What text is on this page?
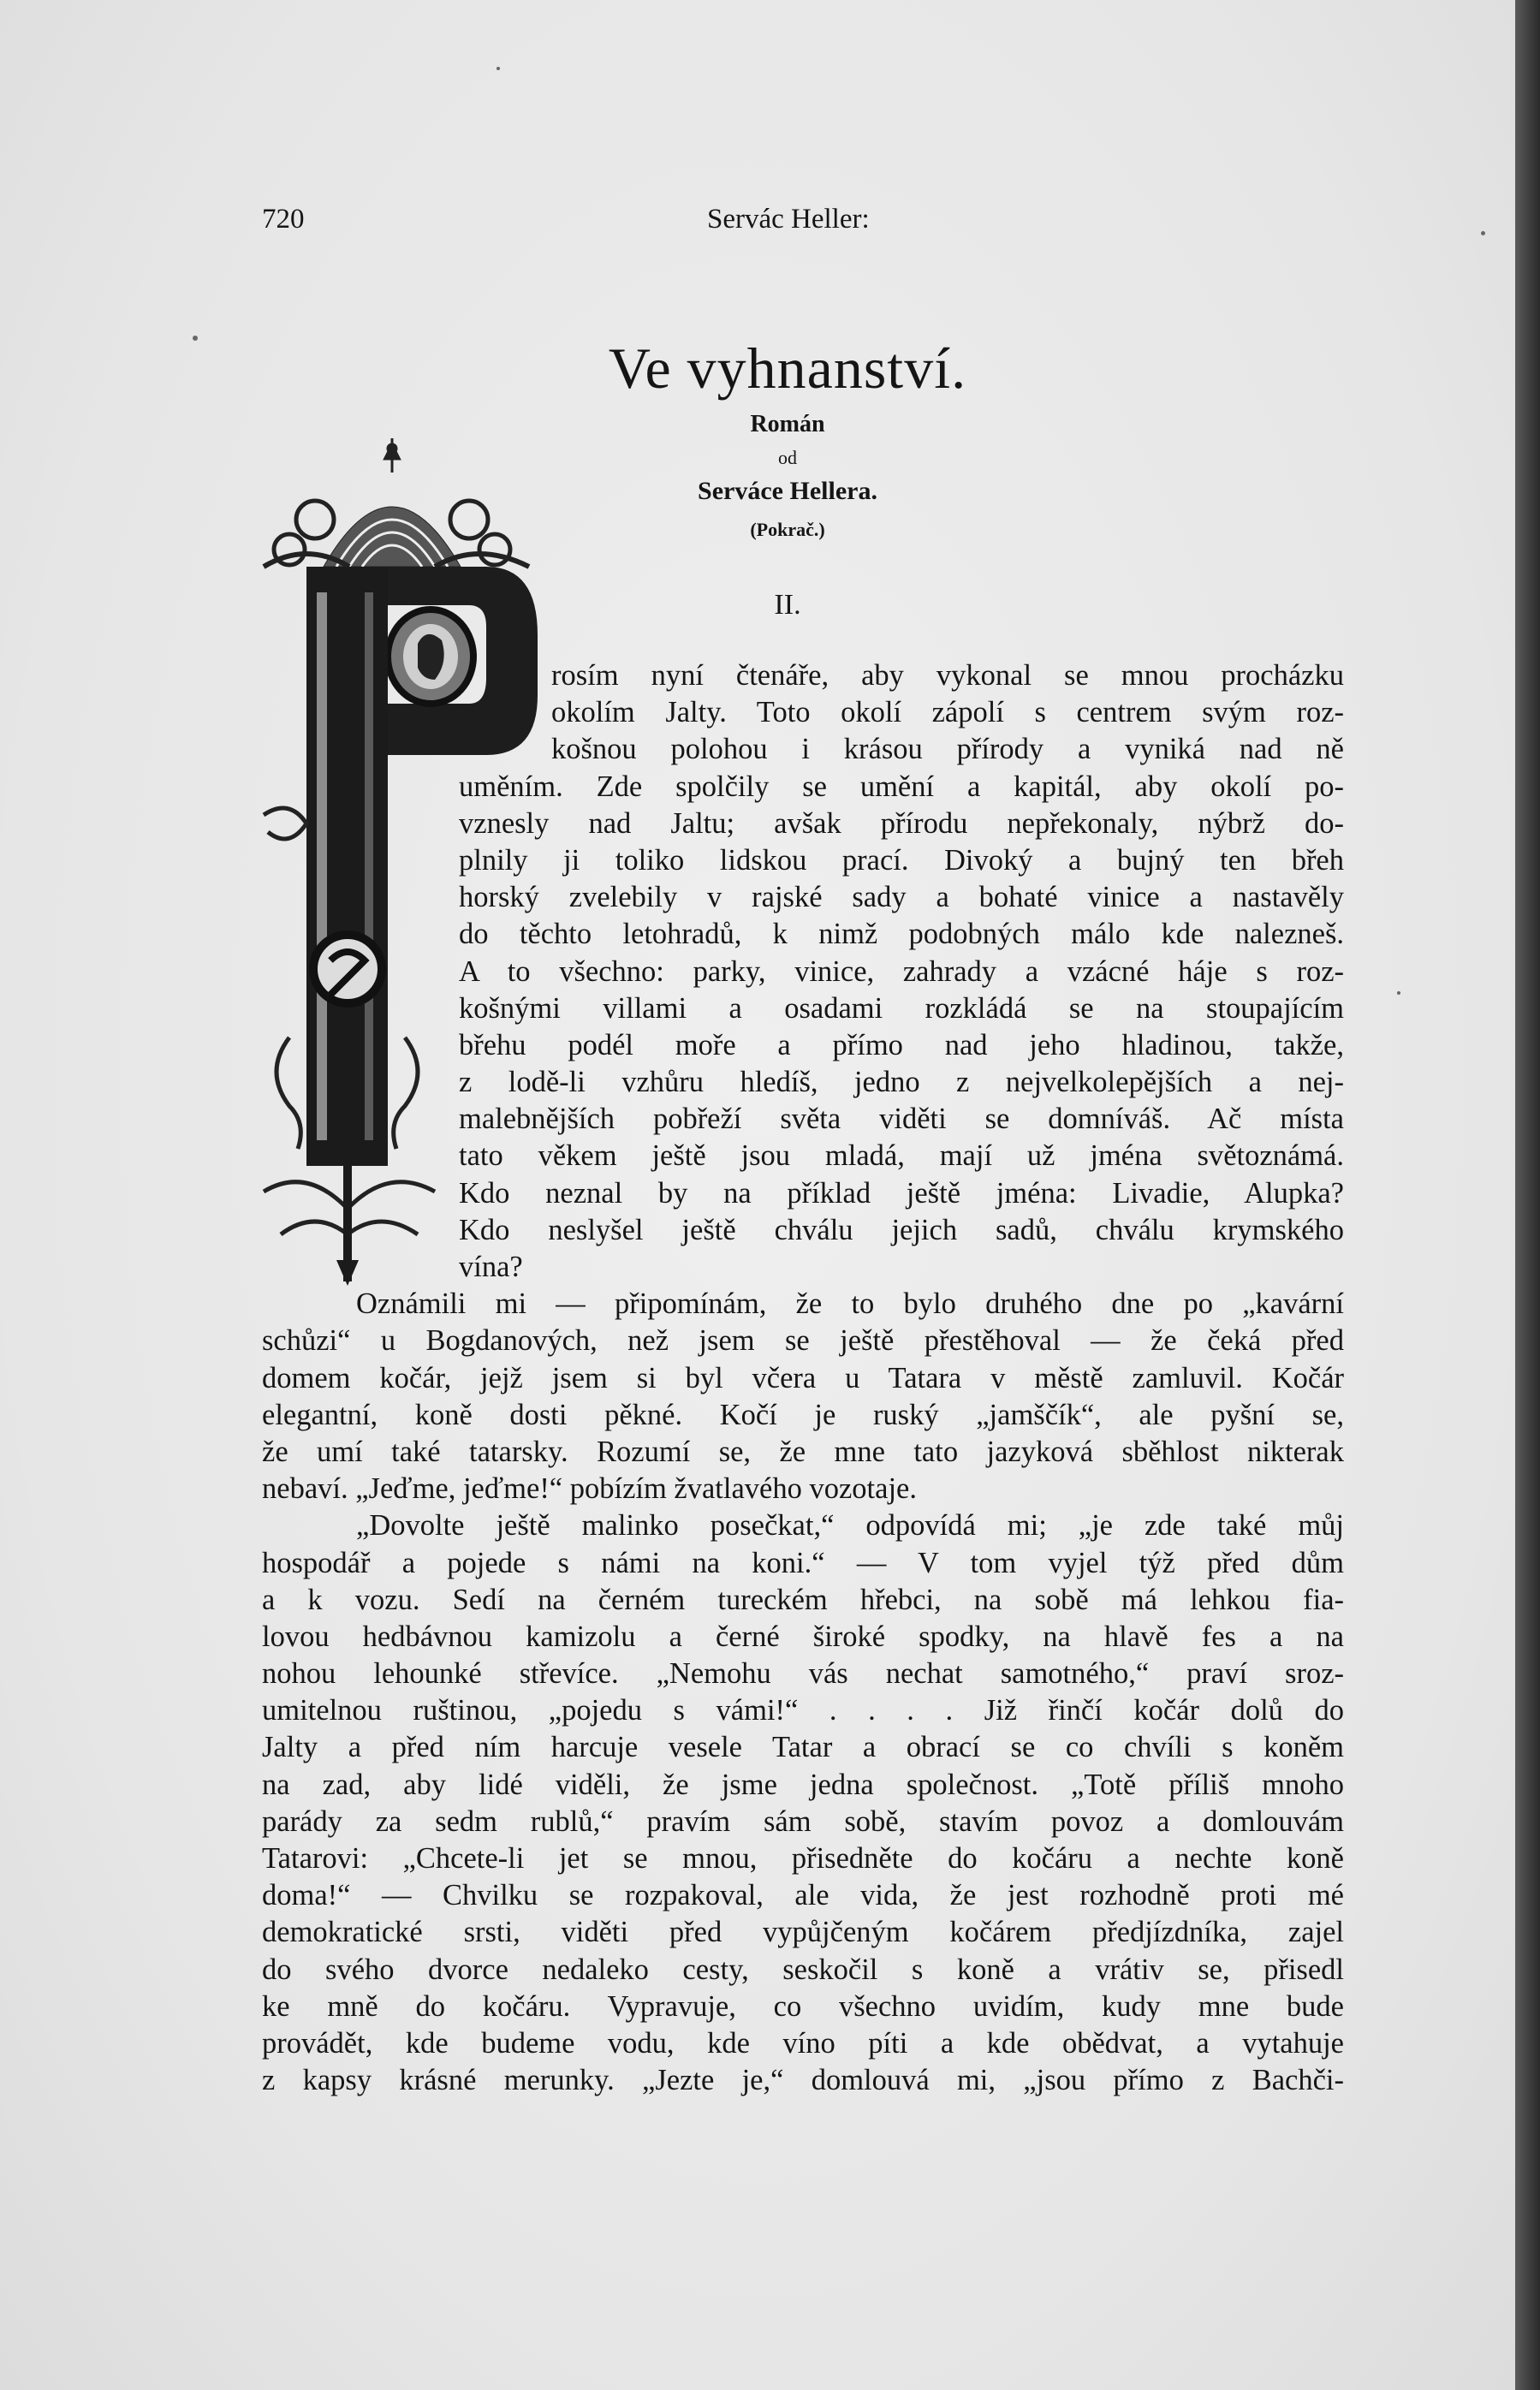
720	Servác Heller:
Ve vyhnanství.
Román
od
Serváce Hellera.
(Pokrač.)
II.
rosím nyní čtenáře, aby vykonal se mnou procházku
okolím Jalty. Toto okolí zápolí s centrem svým roz-
košnou polohou i krásou přírody a vyniká nad ně
uměním. Zde spolčily se umění a kapitál, aby okolí po-
vznesly nad Jaltu; avšak přírodu nepřekonaly, nýbrž do-
plnily ji toliko lidskou prací. Divoký a bujný ten břeh
horský zvelebily v rajské sady a bohaté vinice a nastavěly
do těchto letohradů, k nimž podobných málo kde nalezneš.
A to všechno: parky, vinice, zahrady a vzácné háje s roz-
košnými villami a osadami rozkládá se na stoupajícím
břehu podél moře a přímo nad jeho hladinou, takže,
z lodě-li vzhůru hledíš, jedno z nejvelkolepějších a nej-
malebnějších pobřeží světa viděti se domníváš. Ač místa
tato věkem ještě jsou mladá, mají už jména světoznámá.
Kdo neznal by na příklad ještě jména: Livadie, Alupka?
Kdo neslyšel ještě chválu jejich sadů, chválu krymského
vína?
Oznámili mi — připomínám, že to bylo druhého dne po „kavární
schůzi“ u Bogdanových, než jsem se ještě přestěhoval — že čeká před
domem kočár, jejž jsem si byl včera u Tatara v městě zamluvil. Kočár
elegantní, koně dosti pěkné. Kočí je ruský „jamščík“, ale pyšní se,
že umí také tatarsky. Rozumí se, že mne tato jazyková sběhlost nikterak
nebaví. „Jeďme, jeďme!“ pobízím žvatlavého vozotaje.
„Dovolte ještě malinko posečkat,“ odpovídá mi; „je zde také můj
hospodář a pojede s námi na koni.“ — V tom vyjel týž před dům
a k vozu. Sedí na černém tureckém hřebci, na sobě má lehkou fia-
lovou hedbávnou kamizolu a černé široké spodky, na hlavě fes a na
nohou lehounké střevíce. „Nemohu vás nechat samotného,“ praví sroz-
umitelnou ruštinou, „pojedu s vámi!“ . . . . Již řinčí kočár dolů do
Jalty a před ním harcuje vesele Tatar a obrací se co chvíli s koněm
na zad, aby lidé viděli, že jsme jedna společnost. „Totě příliš mnoho
parády za sedm rublů,“ pravím sám sobě, stavím povoz a domlouvám
Tatarovi: „Chcete-li jet se mnou, přisedněte do kočáru a nechte koně
doma!“ — Chvilku se rozpakoval, ale vida, že jest rozhodně proti mé
demokratické srsti, viděti před vypůjčeným kočárem předjízdníka, zajel
do svého dvorce nedaleko cesty, seskočil s koně a vrátiv se, přisedl
ke mně do kočáru. Vypravuje, co všechno uvidím, kudy mne bude
provádět, kde budeme vodu, kde víno píti a kde obědvat, a vytahuje
z kapsy krásné merunky. „Jezte je,“ domlouvá mi, „jsou přímo z Bachči-
